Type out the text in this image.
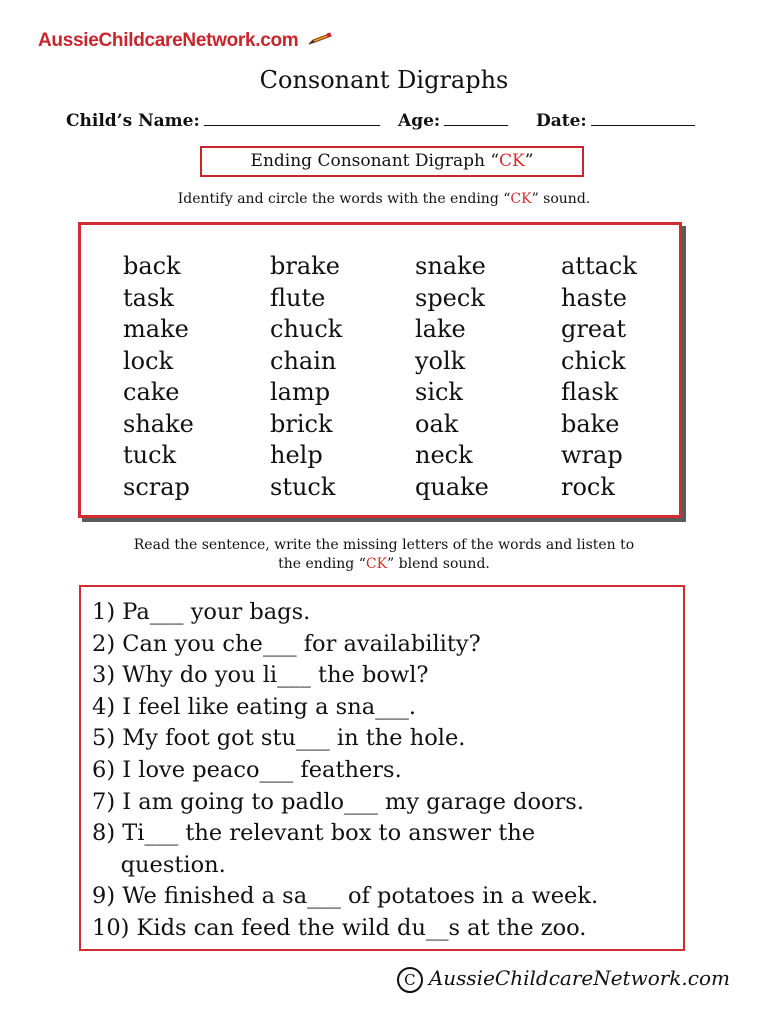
AussieChildcareNetwork.com
Consonant Digraphs
Child’s Name:	Age:	Date:
Ending Consonant Digraph “CK”
Identify and circle the words with the ending “CK” sound.
back
task
make
lock
cake
shake
tuck
scrap
brake
flute
chuck
chain
lamp
brick
help
stuck
snake
speck
lake
yolk
sick
oak
neck
quake
attack
haste
great
chick
flask
bake
wrap
rock
Read the sentence, write the missing letters of the words and listen to
the ending “CK” blend sound.
1) Pa___ your bags.
2) Can you che___ for availability?
3) Why do you li___ the bowl?
4) I feel like eating a sna___.
5) My foot got stu___ in the hole.
6) I love peaco___ feathers.
7) I am going to padlo___ my garage doors.
8) Ti___ the relevant box to answer the
question.
9) We finished a sa___ of potatoes in a week.
10) Kids can feed the wild du__s at the zoo.
C AussieChildcareNetwork.com
